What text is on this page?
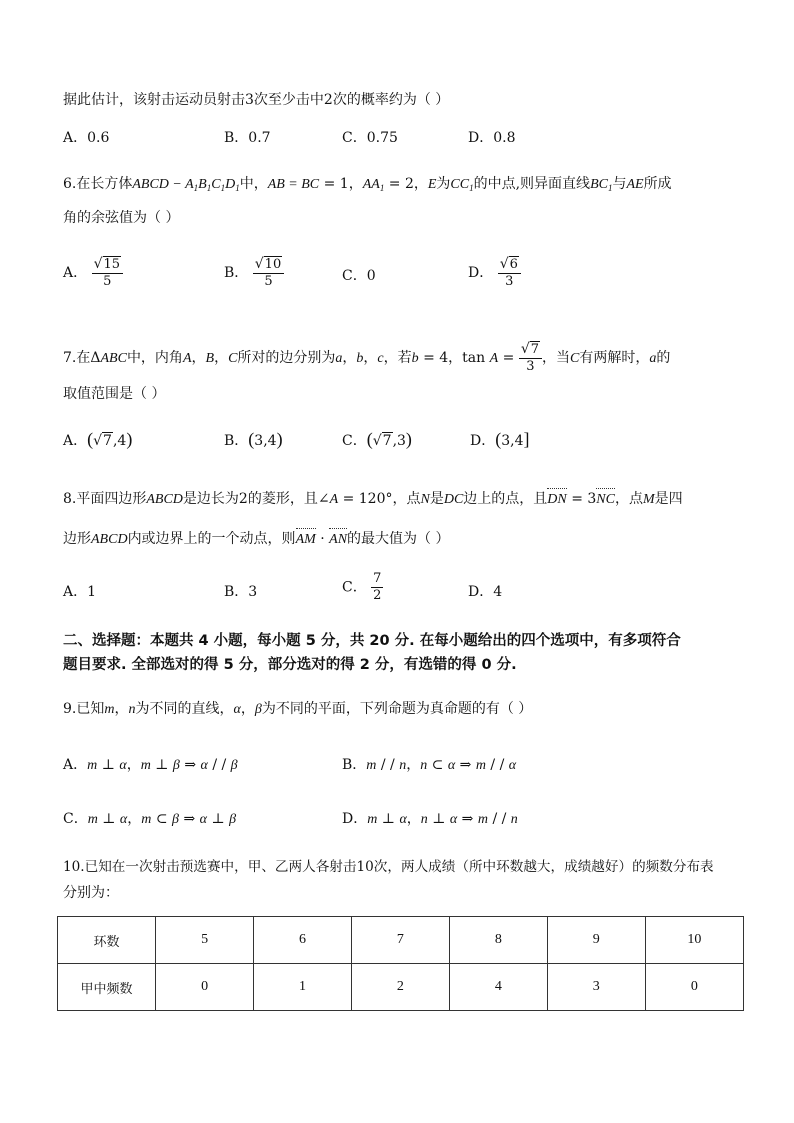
据此估计，该射击运动员射击3次至少击中2次的概率约为（ ）
A．0.6	B．0.7	C．0.75	D．0.8
6.在长方体ABCD − $A_1B_1C_1D_1$中，AB = BC = 1，$AA_1 = 2$，E为$CC_1$的中点,则异面直线$BC_1$与AE所成
角的余弦值为（ ）
A． $\frac{√15}{5}$	B． $\frac{√10}{5}$	C．0	D． $\frac{√6}{3}$
7.在ΔABC中，内角A，B，C所对的边分别为a，b，c，若b = 4，$\tan A = \frac{√7}{3}$ ，当C有两解时，a的
取值范围是（ ）
A．(√7,4)	B．(3,4)	C．(√7,3)	D．(3,4]
8.平面四边形ABCD是边长为2的菱形，且∠A = 120°，点N是DC边上的点，且DN = 3NC，点M是四
边形ABCD内或边界上的一个动点，则AM · AN的最大值为（ ）
A．1	B．3	C． $\frac{7}{2}$	D．4
二、选择题：本题共 4 小题，每小题 5 分，共 20 分. 在每小题给出的四个选项中，有多项符合
题目要求. 全部选对的得 5 分，部分选对的得 2 分，有选错的得 0 分.
9.已知m，n为不同的直线，α，β为不同的平面，下列命题为真命题的有（ ）
A．m ⊥ α，m ⊥ β ⇒ α / / β	B．m / / n，n ⊂ α ⇒ m / / α
C．m ⊥ α，m ⊂ β ⇒ α ⊥ β	D．m ⊥ α，n ⊥ α ⇒ m / / n
10.已知在一次射击预选赛中，甲、乙两人各射击10次，两人成绩（所中环数越大，成绩越好）的频数分布表
分别为：
环数	5	6	7	8	9	10
甲中频数	0	1	2	4	3	0
